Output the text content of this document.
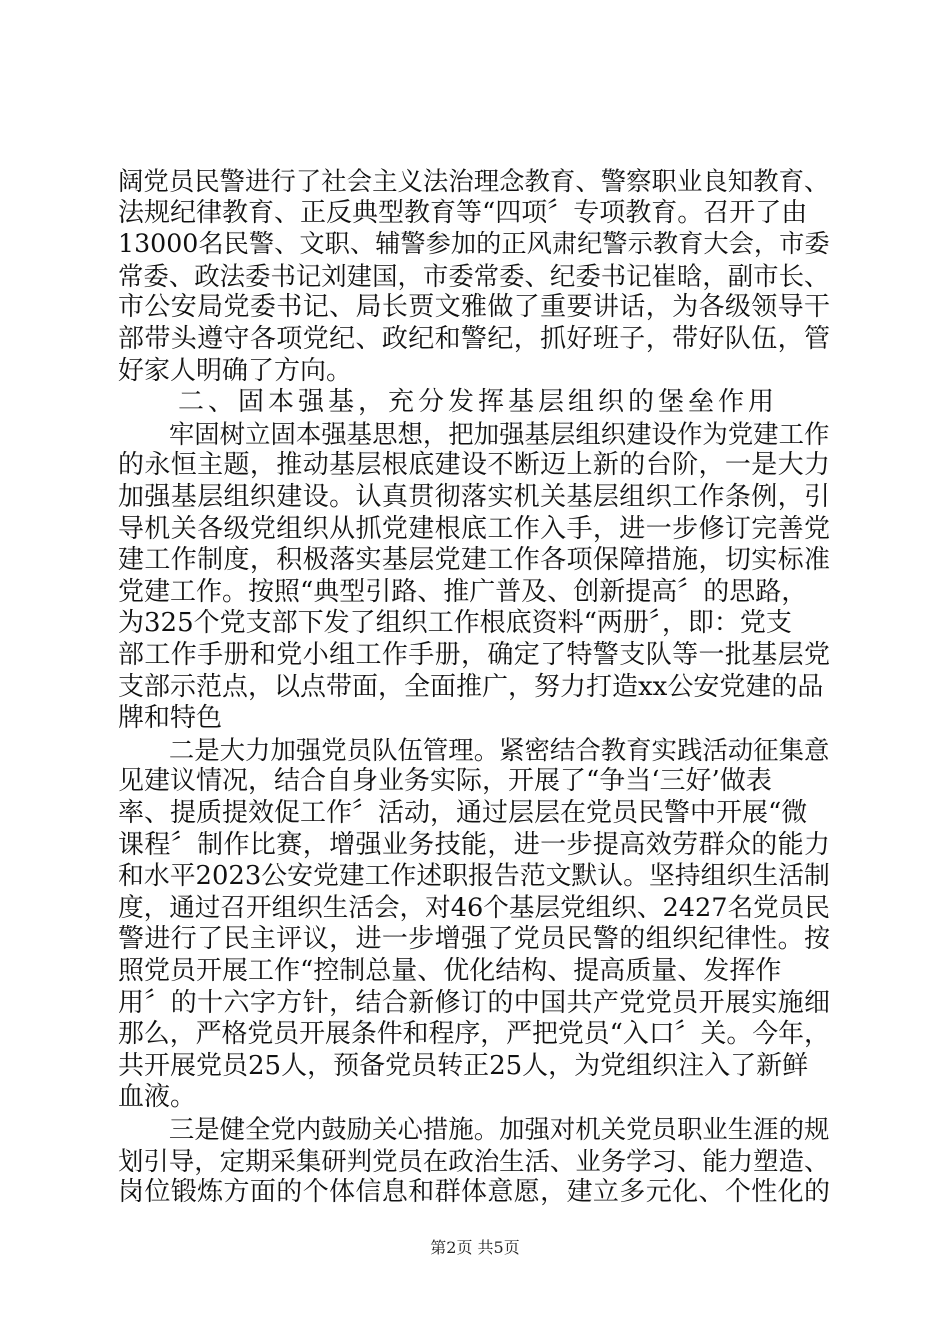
阔党员民警进行了社会主义法治理念教育、警察职业良知教育、
法规纪律教育、正反典型教育等“四项〞专项教育。召开了由
13000名民警、文职、辅警参加的正风肃纪警示教育大会，市委
常委、政法委书记刘建国，市委常委、纪委书记崔晗，副市长、
市公安局党委书记、局长贾文雅做了重要讲话，为各级领导干
部带头遵守各项党纪、政纪和警纪，抓好班子，带好队伍，管
好家人明确了方向。
　　二、固本强基，充分发挥基层组织的堡垒作用
　　牢固树立固本强基思想，把加强基层组织建设作为党建工作
的永恒主题，推动基层根底建设不断迈上新的台阶，一是大力
加强基层组织建设。认真贯彻落实机关基层组织工作条例，引
导机关各级党组织从抓党建根底工作入手，进一步修订完善党
建工作制度，积极落实基层党建工作各项保障措施，切实标准
党建工作。按照“典型引路、推广普及、创新提高〞的思路，
为325个党支部下发了组织工作根底资料“两册〞，即：党支
部工作手册和党小组工作手册，确定了特警支队等一批基层党
支部示范点，以点带面，全面推广，努力打造xx公安党建的品
牌和特色
　　二是大力加强党员队伍管理。紧密结合教育实践活动征集意
见建议情况，结合自身业务实际，开展了“争当‘三好’做表
率、提质提效促工作〞活动，通过层层在党员民警中开展“微
课程〞制作比赛，增强业务技能，进一步提高效劳群众的能力
和水平2023公安党建工作述职报告范文默认。坚持组织生活制
度，通过召开组织生活会，对46个基层党组织、2427名党员民
警进行了民主评议，进一步增强了党员民警的组织纪律性。按
照党员开展工作“控制总量、优化结构、提高质量、发挥作
用〞的十六字方针，结合新修订的中国共产党党员开展实施细
那么，严格党员开展条件和程序，严把党员“入口〞关。今年，
共开展党员25人，预备党员转正25人，为党组织注入了新鲜
血液。
　　三是健全党内鼓励关心措施。加强对机关党员职业生涯的规
划引导，定期采集研判党员在政治生活、业务学习、能力塑造、
岗位锻炼方面的个体信息和群体意愿，建立多元化、个性化的
第2页 共5页
